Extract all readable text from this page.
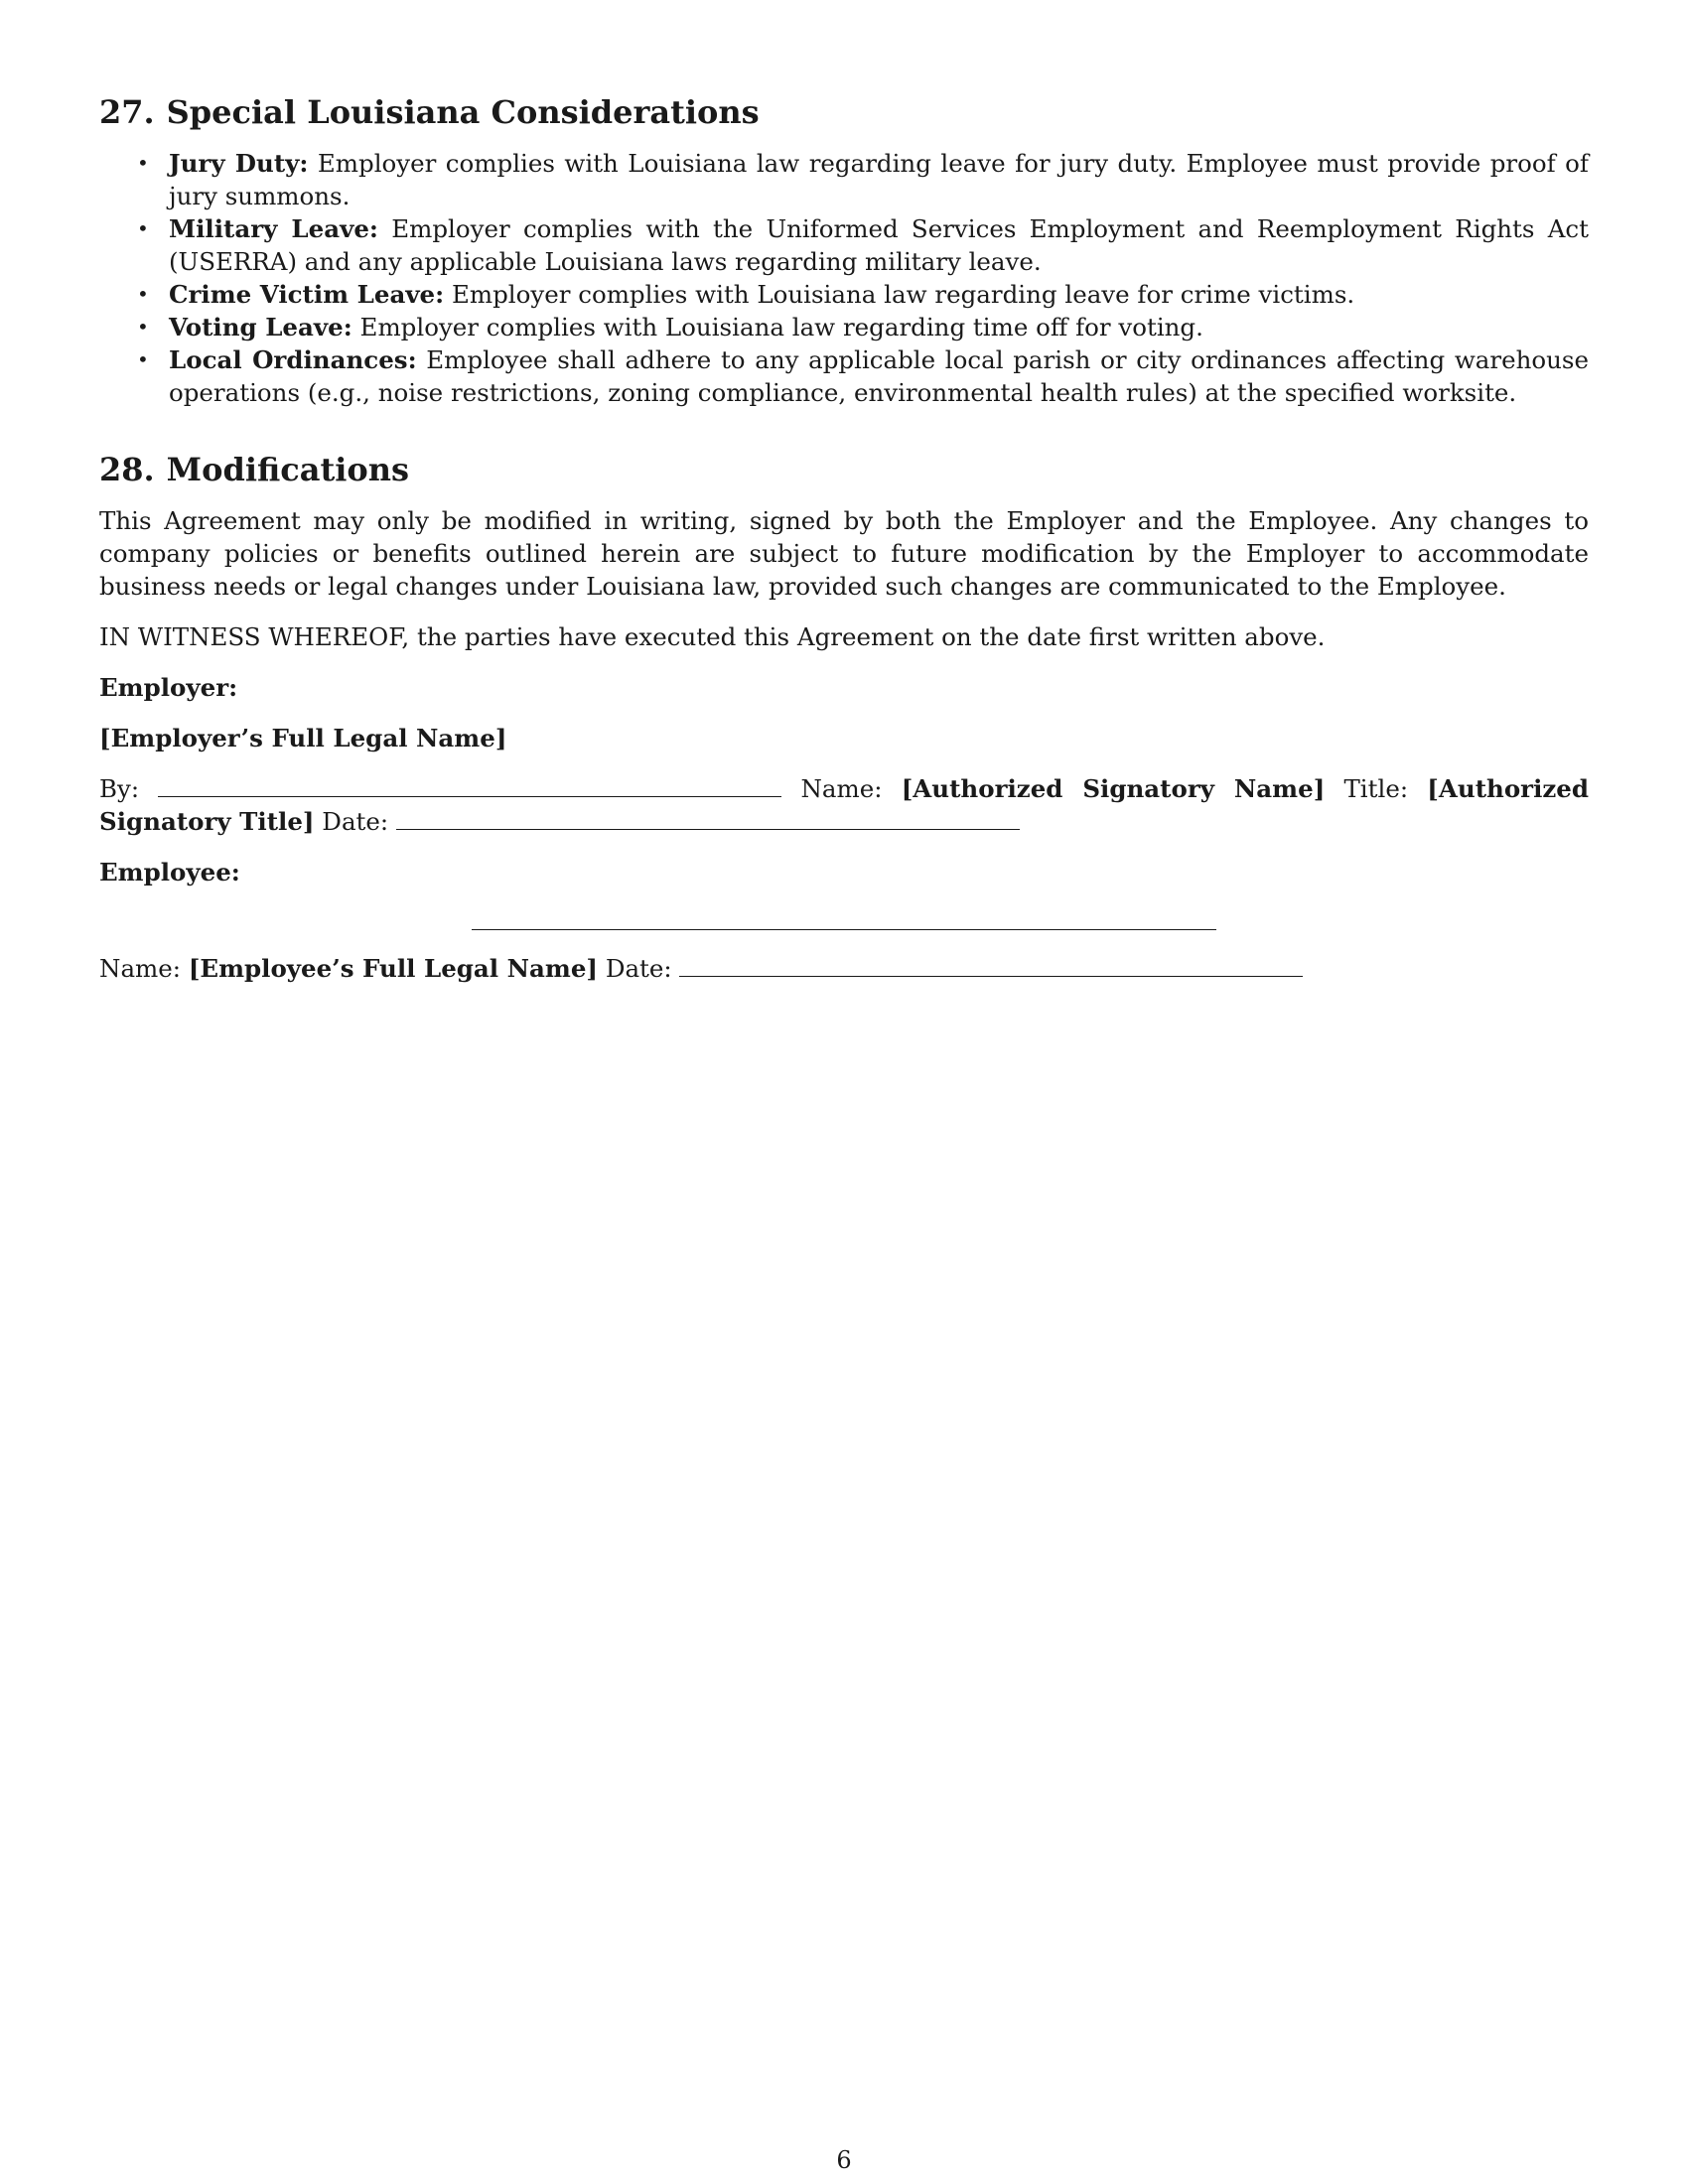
27. Special Louisiana Considerations
• Jury Duty: Employer complies with Louisiana law regarding leave for jury duty. Employee must provide proof of jury summons.
• Military Leave: Employer complies with the Uniformed Services Employment and Reemployment Rights Act (USERRA) and any applicable Louisiana laws regarding military leave.
• Crime Victim Leave: Employer complies with Louisiana law regarding leave for crime victims.
• Voting Leave: Employer complies with Louisiana law regarding time off for voting.
• Local Ordinances: Employee shall adhere to any applicable local parish or city ordinances affecting warehouse operations (e.g., noise restrictions, zoning compliance, environmental health rules) at the specified worksite.
28. Modifications

This Agreement may only be modified in writing, signed by both the Employer and the Employee. Any changes to company policies or benefits outlined herein are subject to future modification by the Employer to accommodate business needs or legal changes under Louisiana law, provided such changes are communicated to the Employee.

IN WITNESS WHEREOF, the parties have executed this Agreement on the date first written above.

Employer:
[Employer’s Full Legal Name]

By:	Name: [Authorized Signatory Name] Title: [Authorized Signatory Title] Date:

Employee:

Name: [Employee’s Full Legal Name] Date:

6
